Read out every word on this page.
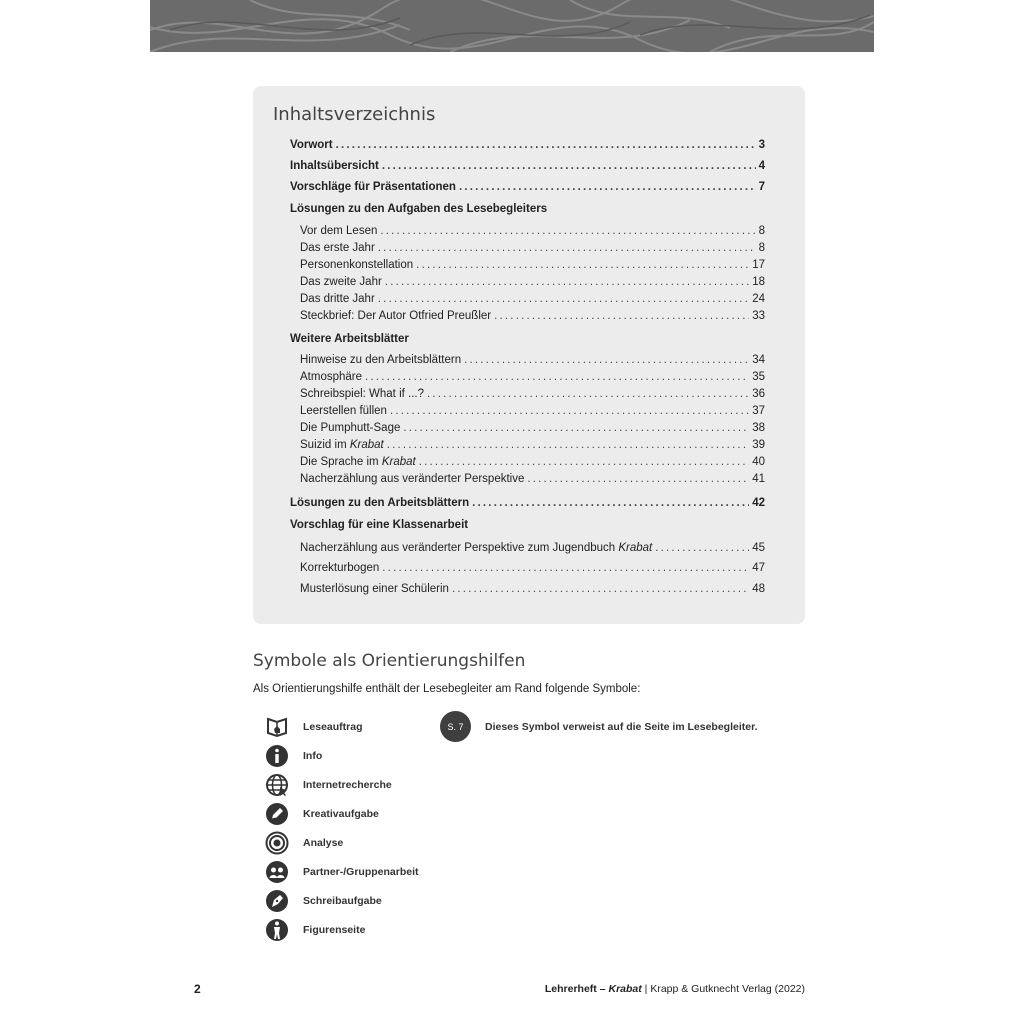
Inhaltsverzeichnis
Vorwort .....	3
Inhaltsübersicht .....	4
Vorschläge für Präsentationen .....	7
Lösungen zu den Aufgaben des Lesebegleiters
Vor dem Lesen .....	8
Das erste Jahr .....	8
Personenkonstellation .....	17
Das zweite Jahr .....	18
Das dritte Jahr .....	24
Steckbrief: Der Autor Otfried Preußler .....	33
Weitere Arbeitsblätter
Hinweise zu den Arbeitsblättern .....	34
Atmosphäre .....	35
Schreibspiel: What if ...? .....	36
Leerstellen füllen .....	37
Die Pumphutt-Sage .....	38
Suizid im Krabat .....	39
Die Sprache im Krabat .....	40
Nacherzählung aus veränderter Perspektive .....	41
Lösungen zu den Arbeitsblättern .....	42
Vorschlag für eine Klassenarbeit
Nacherzählung aus veränderter Perspektive zum Jugendbuch Krabat .....	45
Korrekturbogen .....	47
Musterlösung einer Schülerin .....	48
Symbole als Orientierungshilfen
Als Orientierungshilfe enthält der Lesebegleiter am Rand folgende Symbole:
Leseauftrag
Info
Internetrecherche
Kreativaufgabe
Analyse
Partner-/Gruppenarbeit
Schreibaufgabe
Figurenseite
S. 7	Dieses Symbol verweist auf die Seite im Lesebegleiter.
2	Lehrerheft – Krabat | Krapp & Gutknecht Verlag (2022)
